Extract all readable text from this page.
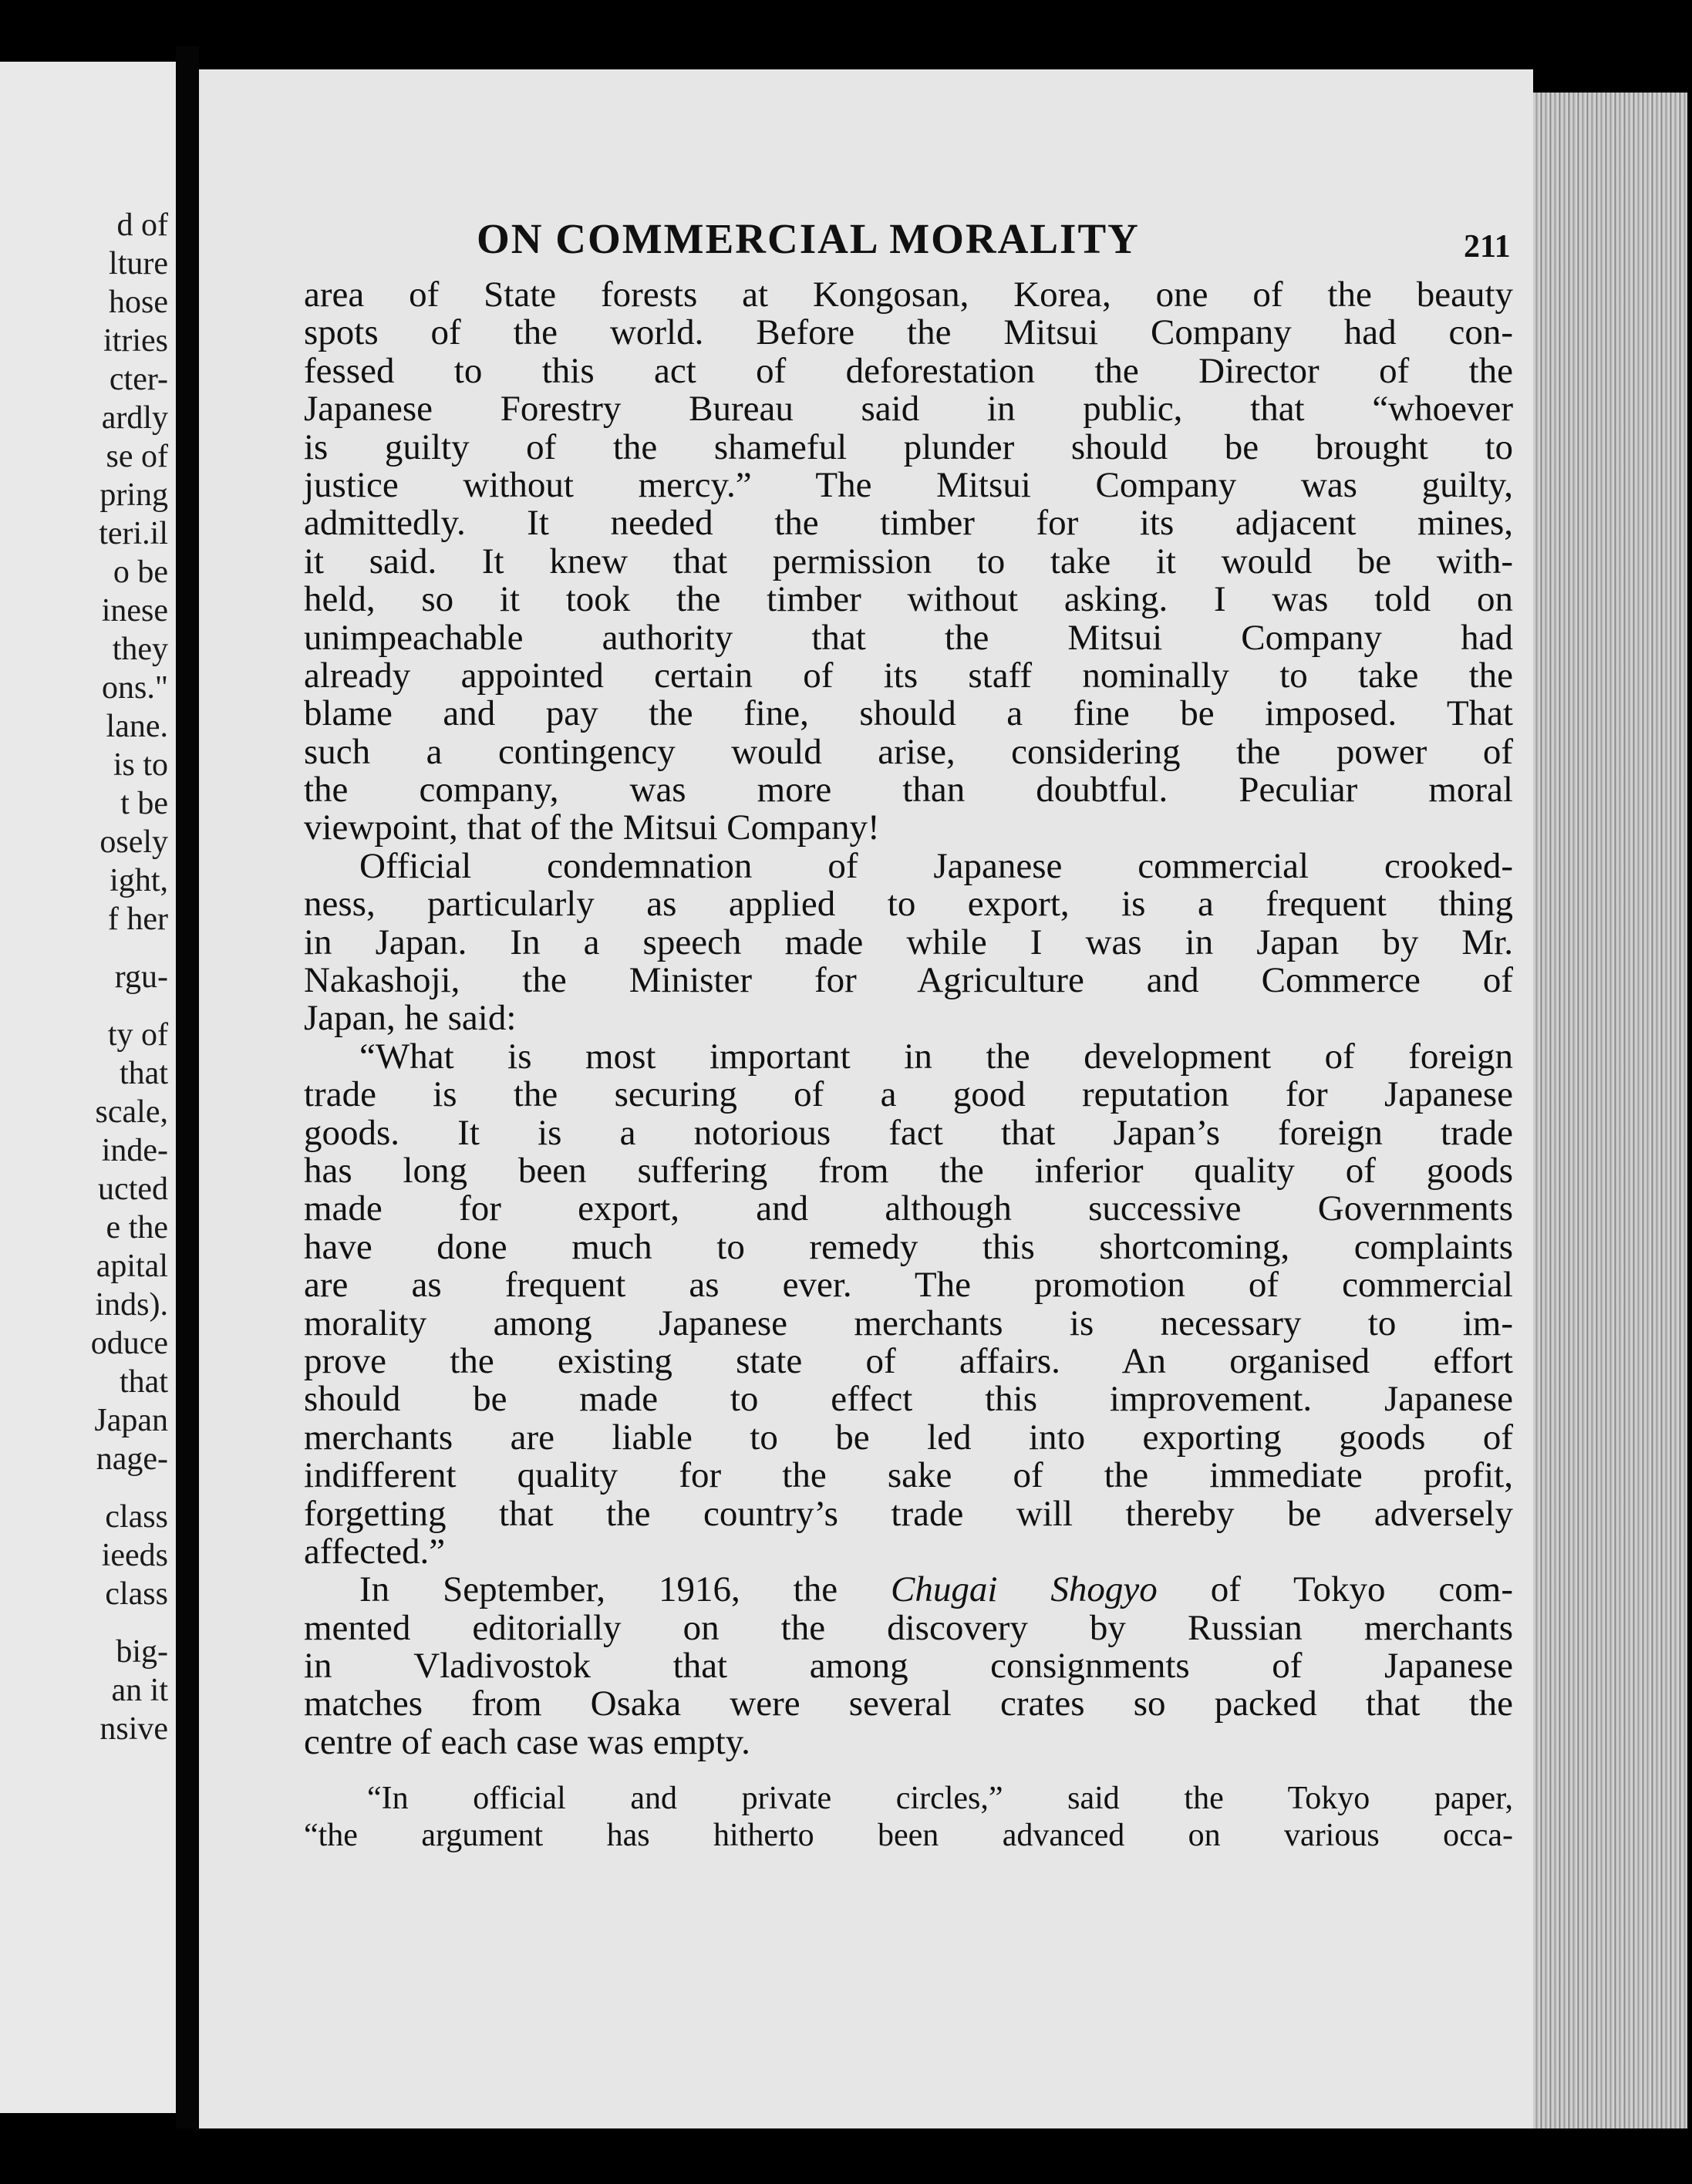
d of
lture
hose
itries
cter-
ardly
se of
pring
teri.il
o be
inese
they
ons."
lane.
is to
t be
osely
ight,
f her
rgu-
ty of
that
scale,
inde-
ucted
e the
apital
inds).
oduce
that
Japan
nage-
class
ieeds
class
big-
an it
nsive
ON COMMERCIAL MORALITY	211
area of State forests at Kongosan, Korea, one of the beauty
spots of the world. Before the Mitsui Company had con-
fessed to this act of deforestation the Director of the
Japanese Forestry Bureau said in public, that “whoever
is guilty of the shameful plunder should be brought to
justice without mercy.” The Mitsui Company was guilty,
admittedly. It needed the timber for its adjacent mines,
it said. It knew that permission to take it would be with-
held, so it took the timber without asking. I was told on
unimpeachable authority that the Mitsui Company had
already appointed certain of its staff nominally to take the
blame and pay the fine, should a fine be imposed. That
such a contingency would arise, considering the power of
the company, was more than doubtful. Peculiar moral
viewpoint, that of the Mitsui Company!
Official condemnation of Japanese commercial crooked-
ness, particularly as applied to export, is a frequent thing
in Japan. In a speech made while I was in Japan by Mr.
Nakashoji, the Minister for Agriculture and Commerce of
Japan, he said:
“What is most important in the development of foreign
trade is the securing of a good reputation for Japanese
goods. It is a notorious fact that Japan’s foreign trade
has long been suffering from the inferior quality of goods
made for export, and although successive Governments
have done much to remedy this shortcoming, complaints
are as frequent as ever. The promotion of commercial
morality among Japanese merchants is necessary to im-
prove the existing state of affairs. An organised effort
should be made to effect this improvement. Japanese
merchants are liable to be led into exporting goods of
indifferent quality for the sake of the immediate profit,
forgetting that the country’s trade will thereby be adversely
affected.”
In September, 1916, the Chugai Shogyo of Tokyo com-
mented editorially on the discovery by Russian merchants
in Vladivostok that among consignments of Japanese
matches from Osaka were several crates so packed that the
centre of each case was empty.
“In official and private circles,” said the Tokyo paper,
“the argument has hitherto been advanced on various occa-
